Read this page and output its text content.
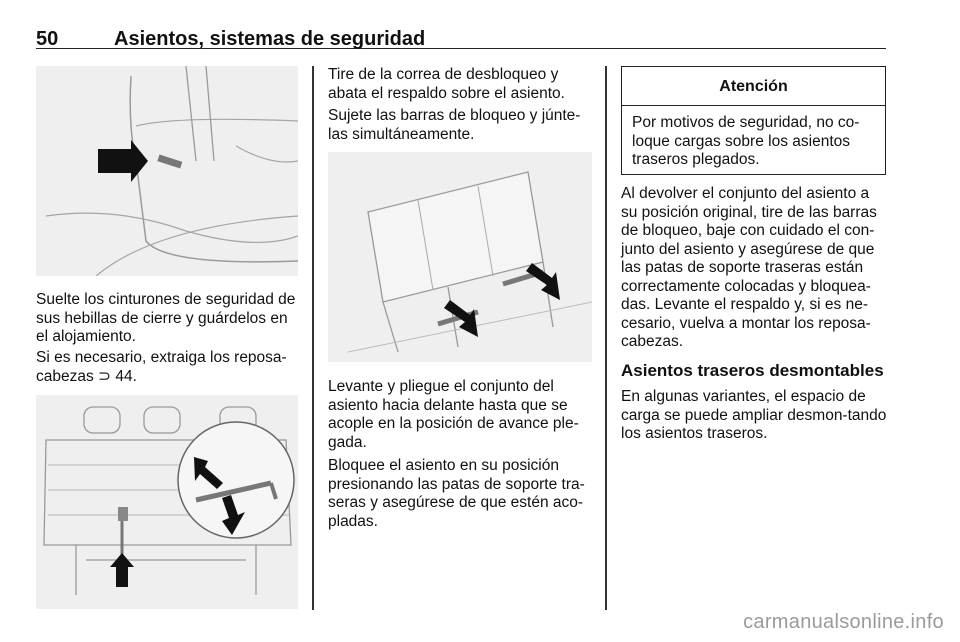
50	Asientos, sistemas de seguridad

Suelte los cinturones de seguridad de sus hebillas de cierre y guárdelos en el alojamiento.

Si es necesario, extraiga los reposa-cabezas ⊃ 44.

Tire de la correa de desbloqueo y abata el respaldo sobre el asiento.

Sujete las barras de bloqueo y júnte-las simultáneamente.

Levante y pliegue el conjunto del asiento hacia delante hasta que se acople en la posición de avance ple-gada.

Bloquee el asiento en su posición presionando las patas de soporte tra-seras y asegúrese de que estén aco-pladas.

Atención
Por motivos de seguridad, no co-loque cargas sobre los asientos traseros plegados.

Al devolver el conjunto del asiento a su posición original, tire de las barras de bloqueo, baje con cuidado el con-junto del asiento y asegúrese de que las patas de soporte traseras están correctamente colocadas y bloquea-das. Levante el respaldo y, si es ne-cesario, vuelva a montar los reposa-cabezas.

Asientos traseros desmontables

En algunas variantes, el espacio de carga se puede ampliar desmon-tando los asientos traseros.

carmanualsonline.info
